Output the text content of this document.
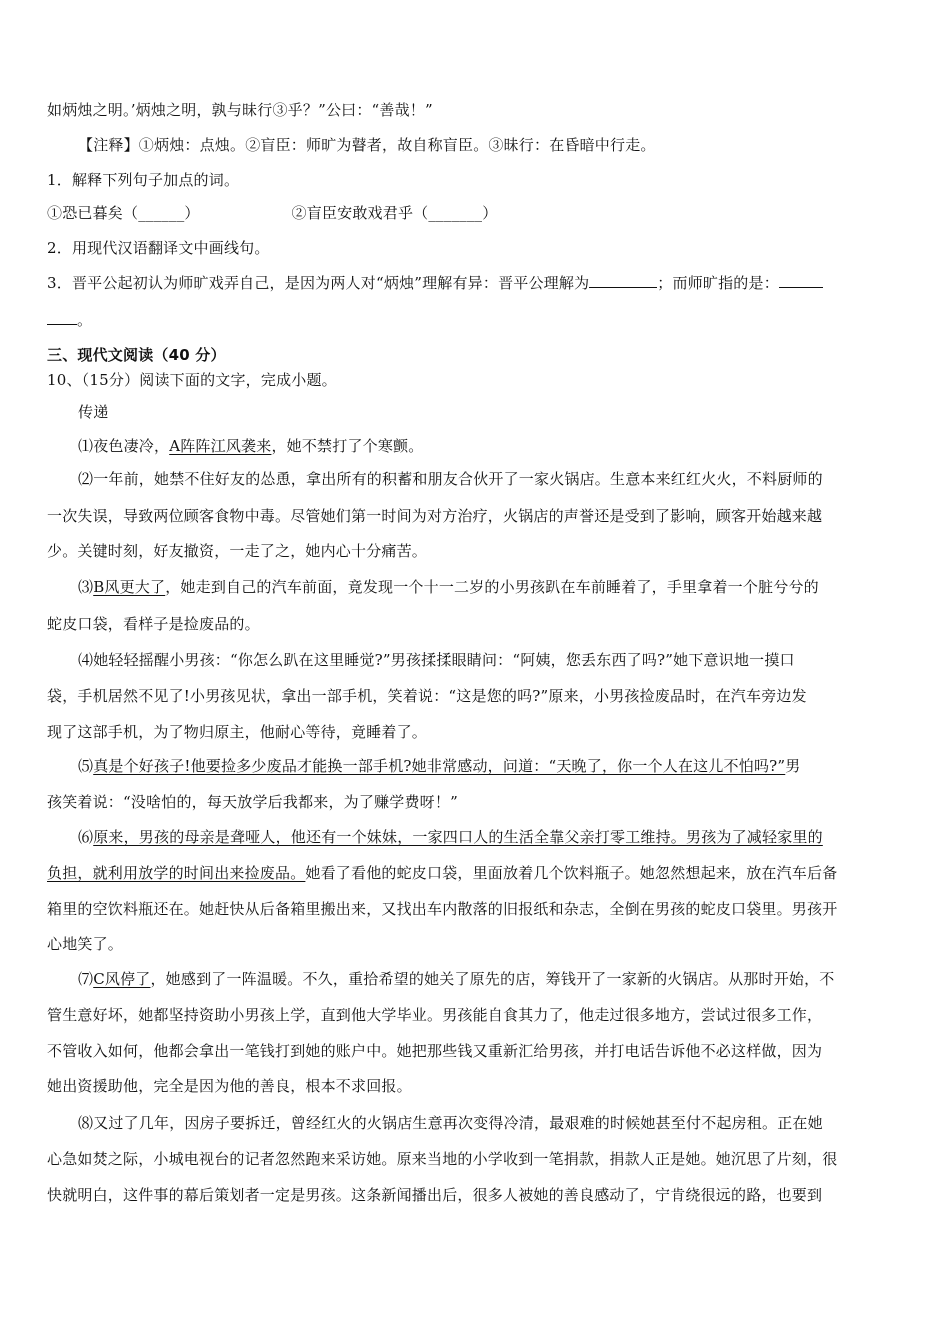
如炳烛之明。’炳烛之明，孰与昧行③乎？”公曰：“善哉！”
【注释】①炳烛：点烛。②盲臣：师旷为瞽者，故自称盲臣。③昧行：在昏暗中行走。
1．解释下列句子加点的词。
①恐已暮矣（______）	②盲臣安敢戏君乎（_______）
2．用现代汉语翻译文中画线句。
3．晋平公起初认为师旷戏弄自己，是因为两人对“炳烛”理解有异：晋平公理解为	；而师旷指的是：
。
三、现代文阅读（40 分）
10、（15分）阅读下面的文字，完成小题。
传递
⑴夜色凄冷，A阵阵江风袭来，她不禁打了个寒颤。
⑵一年前，她禁不住好友的怂恿，拿出所有的积蓄和朋友合伙开了一家火锅店。生意本来红红火火，不料厨师的
一次失误，导致两位顾客食物中毒。尽管她们第一时间为对方治疗，火锅店的声誉还是受到了影响，顾客开始越来越
少。关键时刻，好友撤资，一走了之，她内心十分痛苦。
⑶B风更大了，她走到自己的汽车前面，竟发现一个十一二岁的小男孩趴在车前睡着了，手里拿着一个脏兮兮的
蛇皮口袋，看样子是捡废品的。
⑷她轻轻摇醒小男孩：“你怎么趴在这里睡觉?”男孩揉揉眼睛问：“阿姨，您丢东西了吗?”她下意识地一摸口
袋，手机居然不见了!小男孩见状，拿出一部手机，笑着说：“这是您的吗?”原来，小男孩捡废品时，在汽车旁边发
现了这部手机，为了物归原主，他耐心等待，竟睡着了。
⑸真是个好孩子!他要捡多少废品才能换一部手机?她非常感动，问道：“天晚了，你一个人在这儿不怕吗?”男
孩笑着说：“没啥怕的，每天放学后我都来，为了赚学费呀！”
⑹原来，男孩的母亲是聋哑人，他还有一个妹妹，一家四口人的生活全靠父亲打零工维持。男孩为了减轻家里的
负担，就利用放学的时间出来捡废品。她看了看他的蛇皮口袋，里面放着几个饮料瓶子。她忽然想起来，放在汽车后备
箱里的空饮料瓶还在。她赶快从后备箱里搬出来，又找出车内散落的旧报纸和杂志，全倒在男孩的蛇皮口袋里。男孩开
心地笑了。
⑺C风停了，她感到了一阵温暖。不久，重拾希望的她关了原先的店，筹钱开了一家新的火锅店。从那时开始，不
管生意好坏，她都坚持资助小男孩上学，直到他大学毕业。男孩能自食其力了，他走过很多地方，尝试过很多工作，
不管收入如何，他都会拿出一笔钱打到她的账户中。她把那些钱又重新汇给男孩，并打电话告诉他不必这样做，因为
她出资援助他，完全是因为他的善良，根本不求回报。
⑻又过了几年，因房子要拆迁，曾经红火的火锅店生意再次变得冷清，最艰难的时候她甚至付不起房租。正在她
心急如焚之际，小城电视台的记者忽然跑来采访她。原来当地的小学收到一笔捐款，捐款人正是她。她沉思了片刻，很
快就明白，这件事的幕后策划者一定是男孩。这条新闻播出后，很多人被她的善良感动了，宁肯绕很远的路，也要到
